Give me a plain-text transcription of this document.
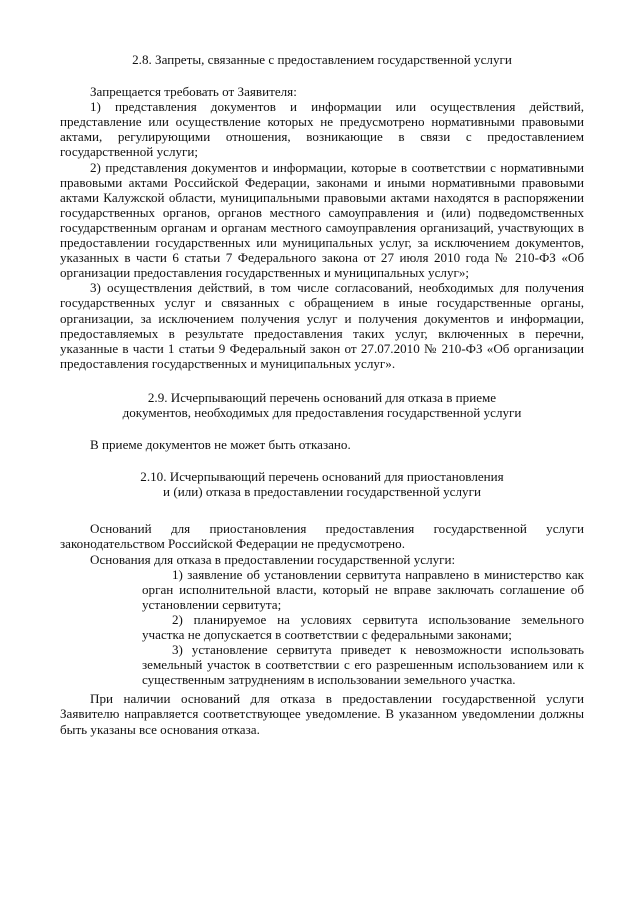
2.8. Запреты, связанные с предоставлением государственной услуги

Запрещается требовать от Заявителя:

1) представления документов и информации или осуществления действий, представление или осуществление которых не предусмотрено нормативными правовыми актами, регулирующими отношения, возникающие в связи с предоставлением государственной услуги;

2) представления документов и информации, которые в соответствии с нормативными правовыми актами Российской Федерации, законами и иными нормативными правовыми актами Калужской области, муниципальными правовыми актами находятся в распоряжении государственных органов, органов местного самоуправления и (или) подведомственных государственным органам и органам местного самоуправления организаций, участвующих в предоставлении государственных или муниципальных услуг, за исключением документов, указанных в части 6 статьи 7 Федерального закона от 27 июля 2010 года № 210-ФЗ «Об организации предоставления государственных и муниципальных услуг»;

3) осуществления действий, в том числе согласований, необходимых для получения государственных услуг и связанных с обращением в иные государственные органы, организации, за исключением получения услуг и получения документов и информации, предоставляемых в результате предоставления таких услуг, включенных в перечни, указанные в части 1 статьи 9 Федеральный закон от 27.07.2010 № 210-ФЗ «Об организации предоставления государственных и муниципальных услуг».

2.9. Исчерпывающий перечень оснований для отказа в приеме

документов, необходимых для предоставления государственной услуги

В приеме документов не может быть отказано.

2.10. Исчерпывающий перечень оснований для приостановления

и (или) отказа в предоставлении государственной услуги

Оснований для приостановления предоставления государственной услуги законодательством Российской Федерации не предусмотрено.

Основания для отказа в предоставлении государственной услуги:

1) заявление об установлении сервитута направлено в министерство как орган исполнительной власти, который не вправе заключать соглашение об установлении сервитута;

2) планируемое на условиях сервитута использование земельного участка не допускается в соответствии с федеральными законами;

3) установление сервитута приведет к невозможности использовать земельный участок в соответствии с его разрешенным использованием или к существенным затруднениям в использовании земельного участка.

При наличии оснований для отказа в предоставлении государственной услуги Заявителю направляется соответствующее уведомление. В указанном уведомлении должны быть указаны все основания отказа.
